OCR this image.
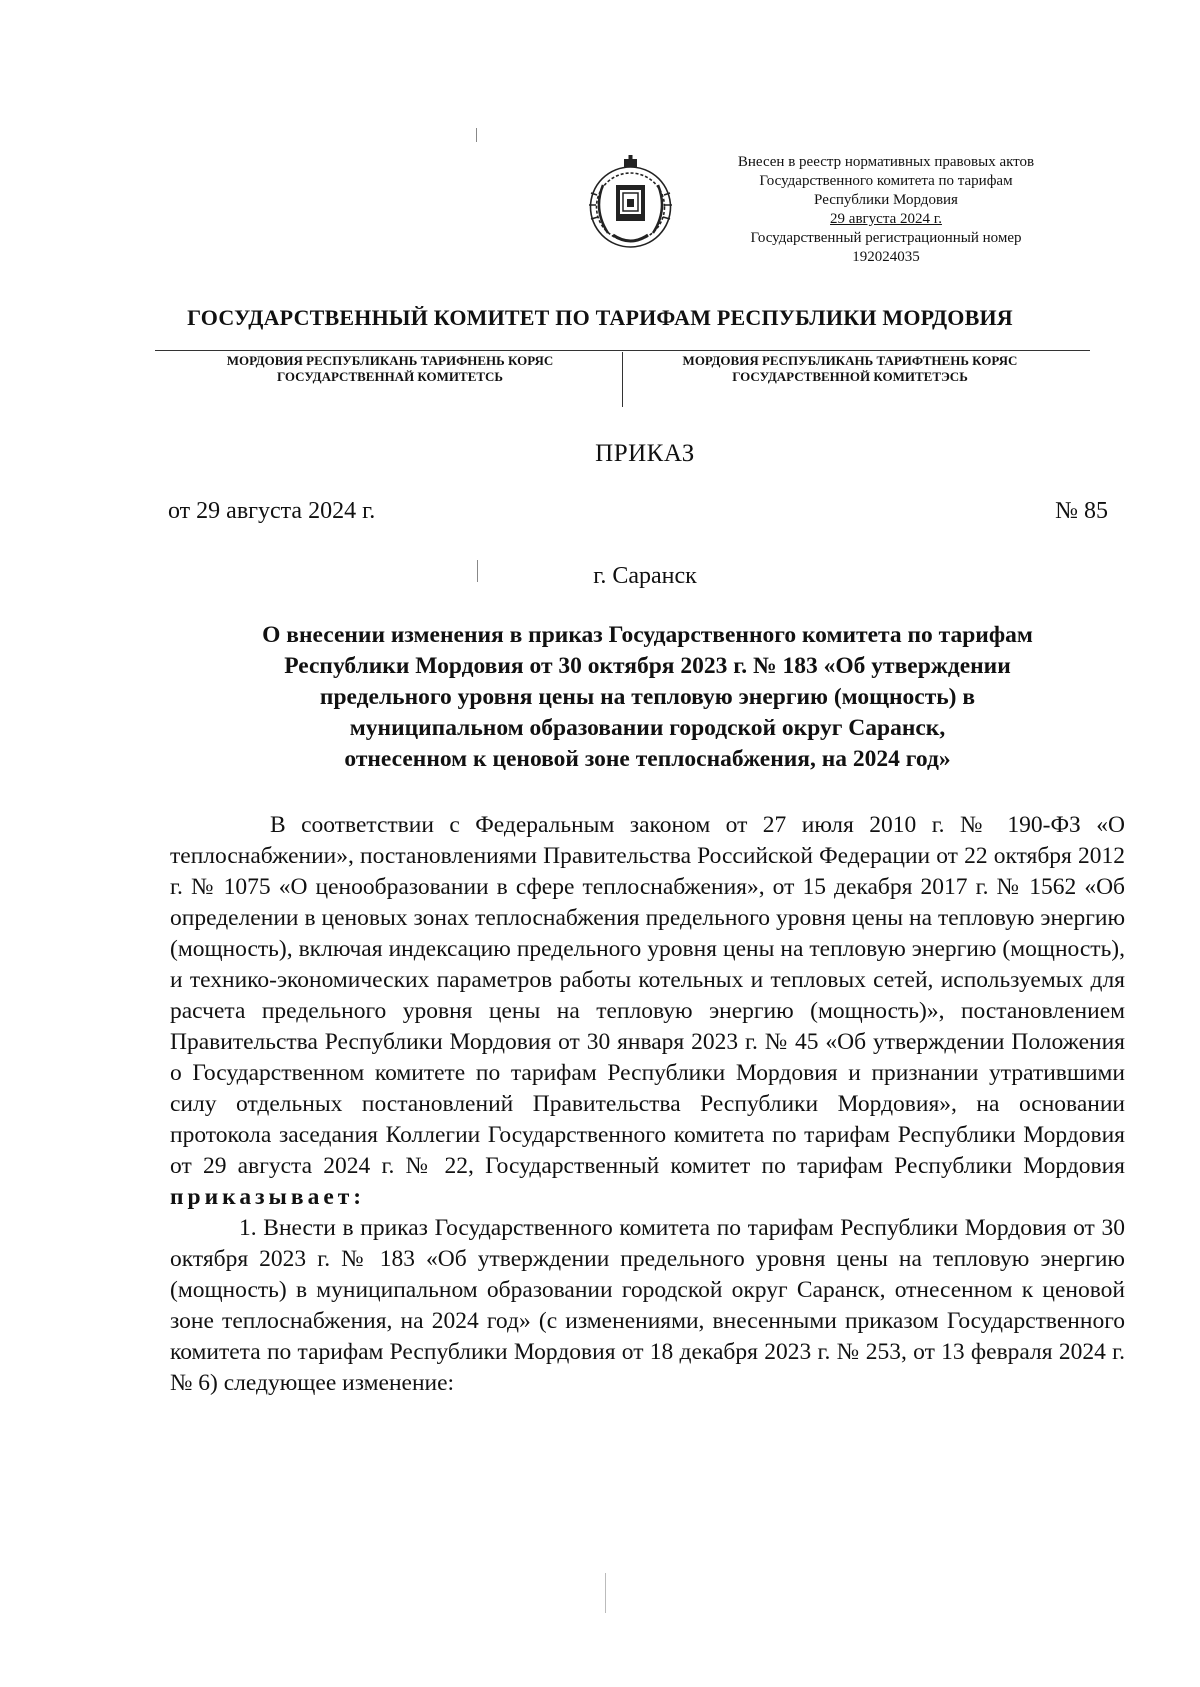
Внесен в реестр нормативных правовых актов
Государственного комитета по тарифам
Республики Мордовия
29 августа 2024 г.
Государственный регистрационный номер
192024035
ГОСУДАРСТВЕННЫЙ КОМИТЕТ ПО ТАРИФАМ РЕСПУБЛИКИ МОРДОВИЯ
МОРДОВИЯ РЕСПУБЛИКАНЬ ТАРИФНЕНЬ КОРЯС
ГОСУДАРСТВЕННАЙ КОМИТЕТСЬ
МОРДОВИЯ РЕСПУБЛИКАНЬ ТАРИФТНЕНЬ КОРЯС
ГОСУДАРСТВЕННОЙ КОМИТЕТЭСЬ
ПРИКАЗ
от 29 августа 2024 г.	№ 85
г. Саранск
О внесении изменения в приказ Государственного комитета по тарифам
Республики Мордовия от 30 октября 2023 г. № 183 «Об утверждении
предельного уровня цены на тепловую энергию (мощность) в
муниципальном образовании городской округ Саранск,
отнесенном к ценовой зоне теплоснабжения, на 2024 год»

В соответствии с Федеральным законом от 27 июля 2010 г. № 190-ФЗ «О теплоснабжении», постановлениями Правительства Российской Федерации от 22 октября 2012 г. № 1075 «О ценообразовании в сфере теплоснабжения», от 15 декабря 2017 г. № 1562 «Об определении в ценовых зонах теплоснабжения предельного уровня цены на тепловую энергию (мощность), включая индексацию предельного уровня цены на тепловую энергию (мощность), и технико-экономических параметров работы котельных и тепловых сетей, используемых для расчета предельного уровня цены на тепловую энергию (мощность)», постановлением Правительства Республики Мордовия от 30 января 2023 г. № 45 «Об утверждении Положения о Государственном комитете по тарифам Республики Мордовия и признании утратившими силу отдельных постановлений Правительства Республики Мордовия», на основании протокола заседания Коллегии Государственного комитета по тарифам Республики Мордовия от 29 августа 2024 г. № 22, Государственный комитет по тарифам Республики Мордовия приказывает:

1. Внести в приказ Государственного комитета по тарифам Республики Мордовия от 30 октября 2023 г. № 183 «Об утверждении предельного уровня цены на тепловую энергию (мощность) в муниципальном образовании городской округ Саранск, отнесенном к ценовой зоне теплоснабжения, на 2024 год» (с изменениями, внесенными приказом Государственного комитета по тарифам Республики Мордовия от 18 декабря 2023 г. № 253, от 13 февраля 2024 г. № 6) следующее изменение:
